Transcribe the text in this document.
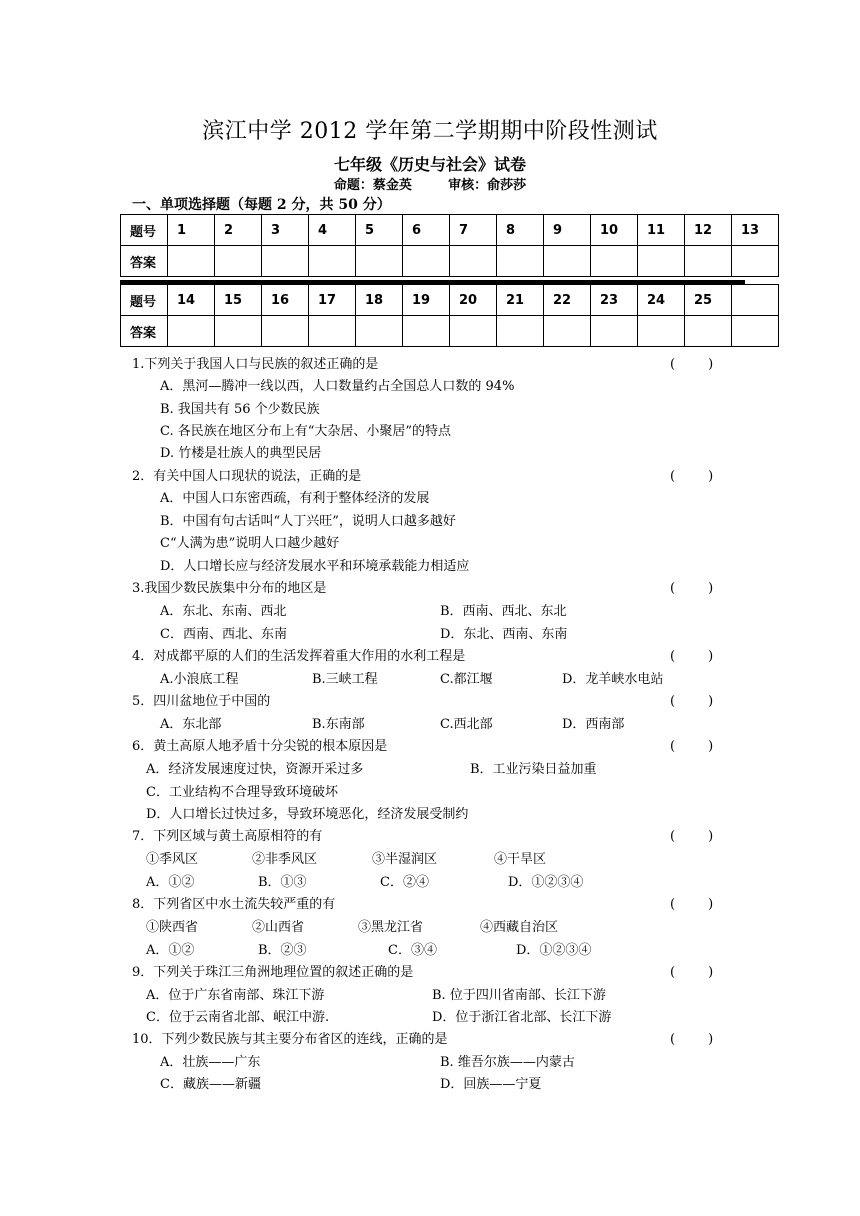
滨江中学 2012 学年第二学期期中阶段性测试
七年级《历史与社会》试卷
命题：蔡金英        审核：俞莎莎
一、单项选择题（每题 2 分，共 50 分）
题号	1	2	3	4	5	6	7	8	9	10	11	12	13
答案													
题号	14	15	16	17	18	19	20	21	22	23	24	25	
答案													
1.下列关于我国人口与民族的叙述正确的是	(        )
A．黑河—腾冲一线以西，人口数量约占全国总人口数的 94%
B. 我国共有 56 个少数民族
C. 各民族在地区分布上有“大杂居、小聚居”的特点
D. 竹楼是壮族人的典型民居
2．有关中国人口现状的说法，正确的是	(        )
A．中国人口东密西疏，有利于整体经济的发展
B．中国有句古话叫“人丁兴旺”，说明人口越多越好
C“人满为患”说明人口越少越好
D．人口增长应与经济发展水平和环境承载能力相适应
3.我国少数民族集中分布的地区是	(        )
A．东北、东南、西北	B．西南、西北、东北
C．西南、西北、东南	D．东北、西南、东南
4．对成都平原的人们的生活发挥着重大作用的水利工程是	(        )
A.小浪底工程	B.三峡工程	C.都江堰	D．龙羊峡水电站
5．四川盆地位于中国的	(        )
A．东北部	B.东南部	C.西北部	D．西南部
6．黄土高原人地矛盾十分尖锐的根本原因是	(        )
A．经济发展速度过快，资源开采过多	B．工业污染日益加重
C．工业结构不合理导致环境破坏
D．人口增长过快过多，导致环境恶化，经济发展受制约
7．下列区域与黄土高原相符的有	(        )
①季风区	②非季风区	③半湿润区	④干旱区
A．①②	B．①③	C．②④	D．①②③④
8．下列省区中水土流失较严重的有	(        )
①陕西省	②山西省	③黑龙江省	④西藏自治区
A．①②	B．②③	C．③④	D．①②③④
9．下列关于珠江三角洲地理位置的叙述正确的是	(        )
A．位于广东省南部、珠江下游	B. 位于四川省南部、长江下游
C．位于云南省北部、岷江中游.	D．位于浙江省北部、长江下游
10．下列少数民族与其主要分布省区的连线，正确的是	(        )
A．壮族——广东	B. 维吾尔族——内蒙古
C．藏族——新疆	D．回族——宁夏
